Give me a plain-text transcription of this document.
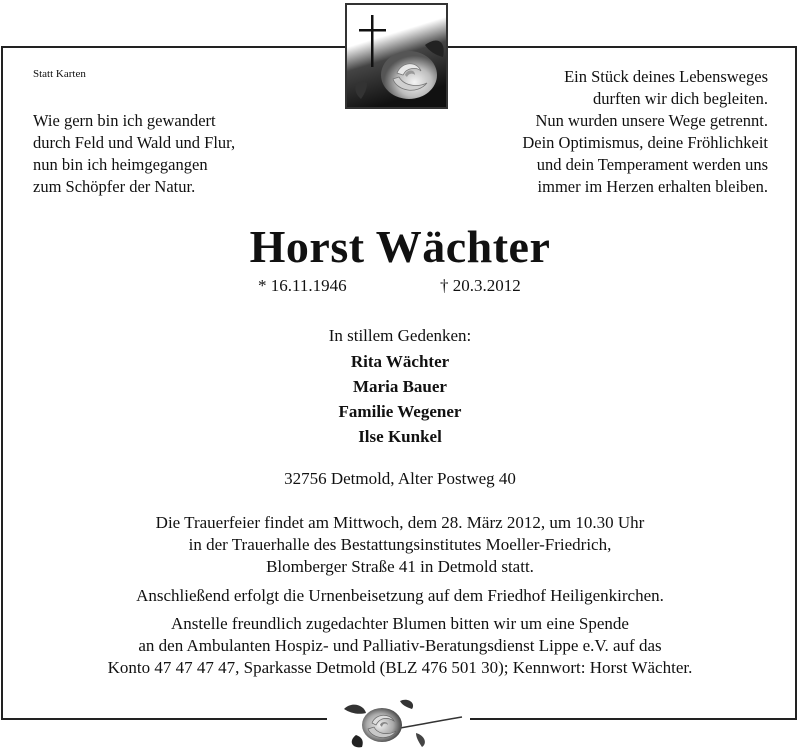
Statt Karten
Wie gern bin ich gewandert
durch Feld und Wald und Flur,
nun bin ich heimgegangen
zum Schöpfer der Natur.
Ein Stück deines Lebensweges
durften wir dich begleiten.
Nun wurden unsere Wege getrennt.
Dein Optimismus, deine Fröhlichkeit
und dein Temperament werden uns
immer im Herzen erhalten bleiben.
Horst Wächter
* 16.11.1946	† 20.3.2012
In stillem Gedenken:
Rita Wächter
Maria Bauer
Familie Wegener
Ilse Kunkel
32756 Detmold, Alter Postweg 40
Die Trauerfeier findet am Mittwoch, dem 28. März 2012, um 10.30 Uhr
in der Trauerhalle des Bestattungsinstitutes Moeller-Friedrich,
Blomberger Straße 41 in Detmold statt.
Anschließend erfolgt die Urnenbeisetzung auf dem Friedhof Heiligenkirchen.
Anstelle freundlich zugedachter Blumen bitten wir um eine Spende
an den Ambulanten Hospiz- und Palliativ-Beratungsdienst Lippe e.V. auf das
Konto 47 47 47 47, Sparkasse Detmold (BLZ 476 501 30); Kennwort: Horst Wächter.
